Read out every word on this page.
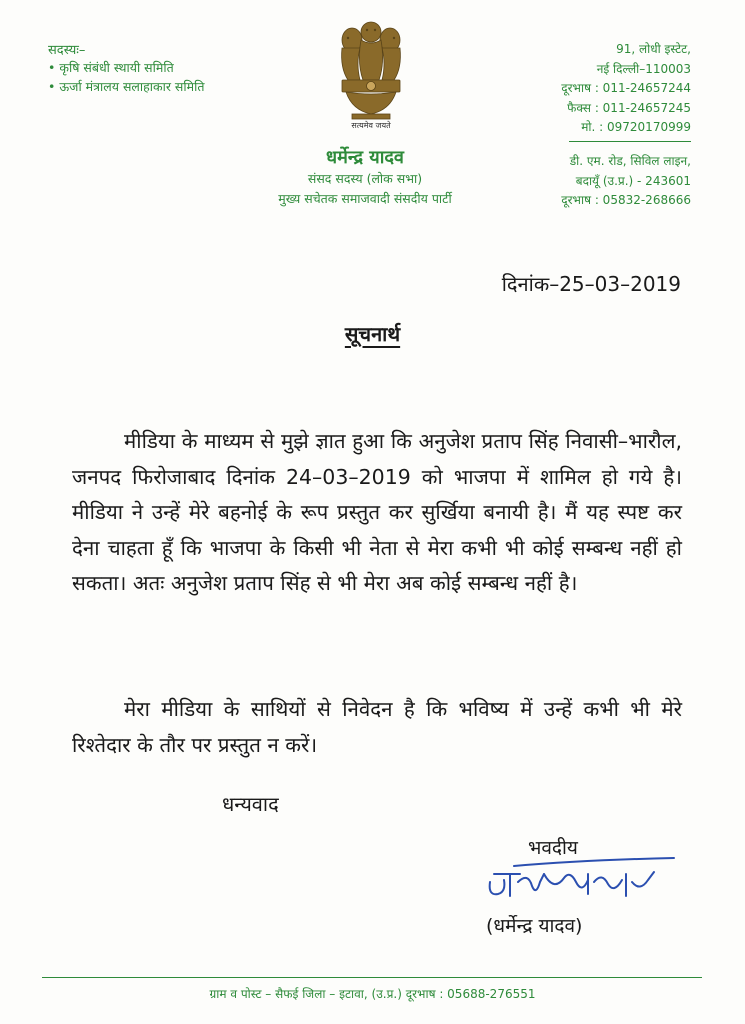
सदस्यः–
• कृषि संबंधी स्थायी समिति
• ऊर्जा मंत्रालय सलाहाकार समिति
सत्यमेव जयते
धर्मेन्द्र यादव
संसद सदस्य (लोक सभा)
मुख्य सचेतक समाजवादी संसदीय पार्टी
91, लोधी इस्टेट,
नई दिल्ली–110003
दूरभाष : 011-24657244
फैक्स : 011-24657245
मो. : 09720170999
डी. एम. रोड, सिविल लाइन,
बदायूँ (उ.प्र.) - 243601
दूरभाष : 05832-268666
दिनांक–25–03–2019
सूचनार्थ

मीडिया के माध्यम से मुझे ज्ञात हुआ कि अनुजेश प्रताप सिंह निवासी–भारौल, जनपद फिरोजाबाद दिनांक 24–03–2019 को भाजपा में शामिल हो गये है। मीडिया ने उन्हें मेरे बहनोई के रूप प्रस्तुत कर सुर्खिया बनायी है। मैं यह स्पष्ट कर देना चाहता हूँ कि भाजपा के किसी भी नेता से मेरा कभी भी कोई सम्बन्ध नहीं हो सकता। अतः अनुजेश प्रताप सिंह से भी मेरा अब कोई सम्बन्ध नहीं है।

मेरा मीडिया के साथियों से निवेदन है कि भविष्य में उन्हें कभी भी मेरे रिश्तेदार के तौर पर प्रस्तुत न करें।

धन्यवाद
भवदीय
(धर्मेन्द्र यादव)
ग्राम व पोस्ट – सैफई जिला – इटावा, (उ.प्र.) दूरभाष : 05688-276551
